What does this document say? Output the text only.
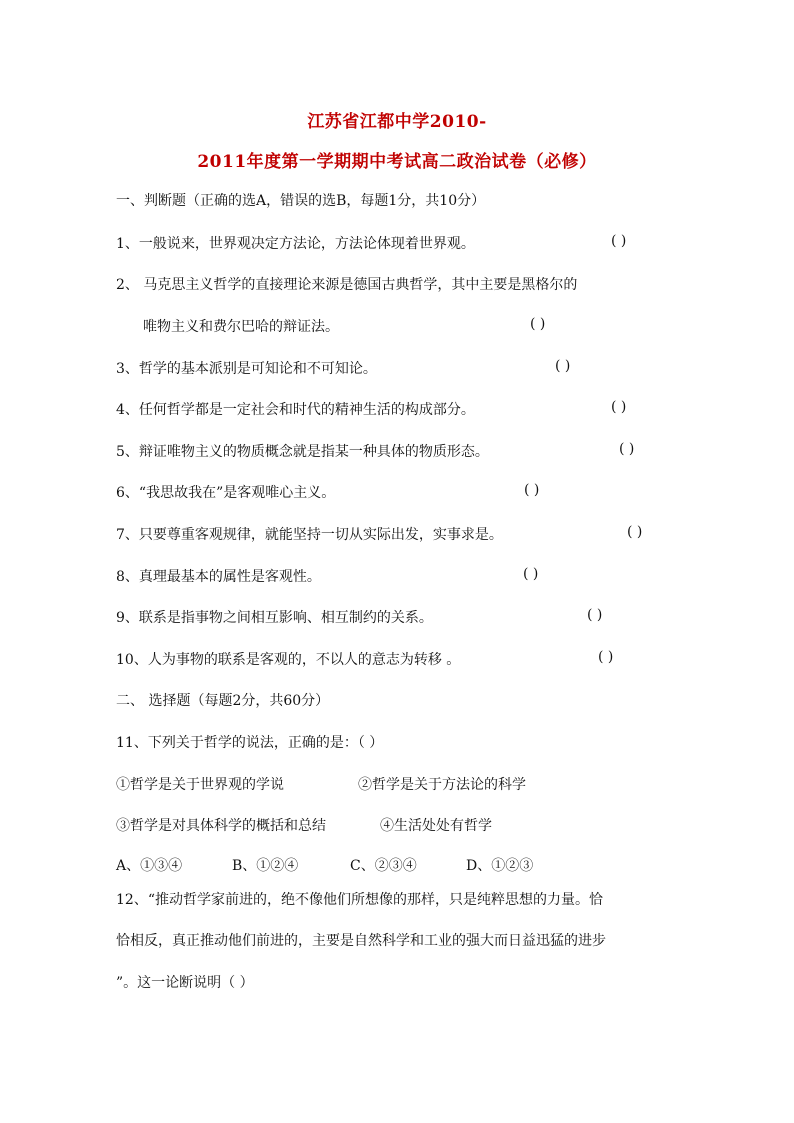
江苏省江都中学2010-
2011年度第一学期期中考试高二政治试卷（必修）
一、判断题（正确的选A，错误的选B，每题1分，共10分）
1、一般说来，世界观决定方法论，方法论体现着世界观。	( )
2、 马克思主义哲学的直接理论来源是德国古典哲学，其中主要是黑格尔的
唯物主义和费尔巴哈的辩证法。	( )
3、哲学的基本派别是可知论和不可知论。	( )
4、任何哲学都是一定社会和时代的精神生活的构成部分。	( )
5、辩证唯物主义的物质概念就是指某一种具体的物质形态。	( )
6、“我思故我在”是客观唯心主义。	( )
7、只要尊重客观规律，就能坚持一切从实际出发，实事求是。	( )
8、真理最基本的属性是客观性。	( )
9、联系是指事物之间相互影响、相互制约的关系。	( )
10、人为事物的联系是客观的，不以人的意志为转移 。	( )
二、 选择题（每题2分，共60分）
11、下列关于哲学的说法，正确的是：（ ）
①哲学是关于世界观的学说	②哲学是关于方法论的科学
③哲学是对具体科学的概括和总结	④生活处处有哲学
A、①③④	B、①②④	C、②③④	D、①②③
12、“推动哲学家前进的，绝不像他们所想像的那样，只是纯粹思想的力量。恰
恰相反，真正推动他们前进的，主要是自然科学和工业的强大而日益迅猛的进步
”。这一论断说明（ ）
